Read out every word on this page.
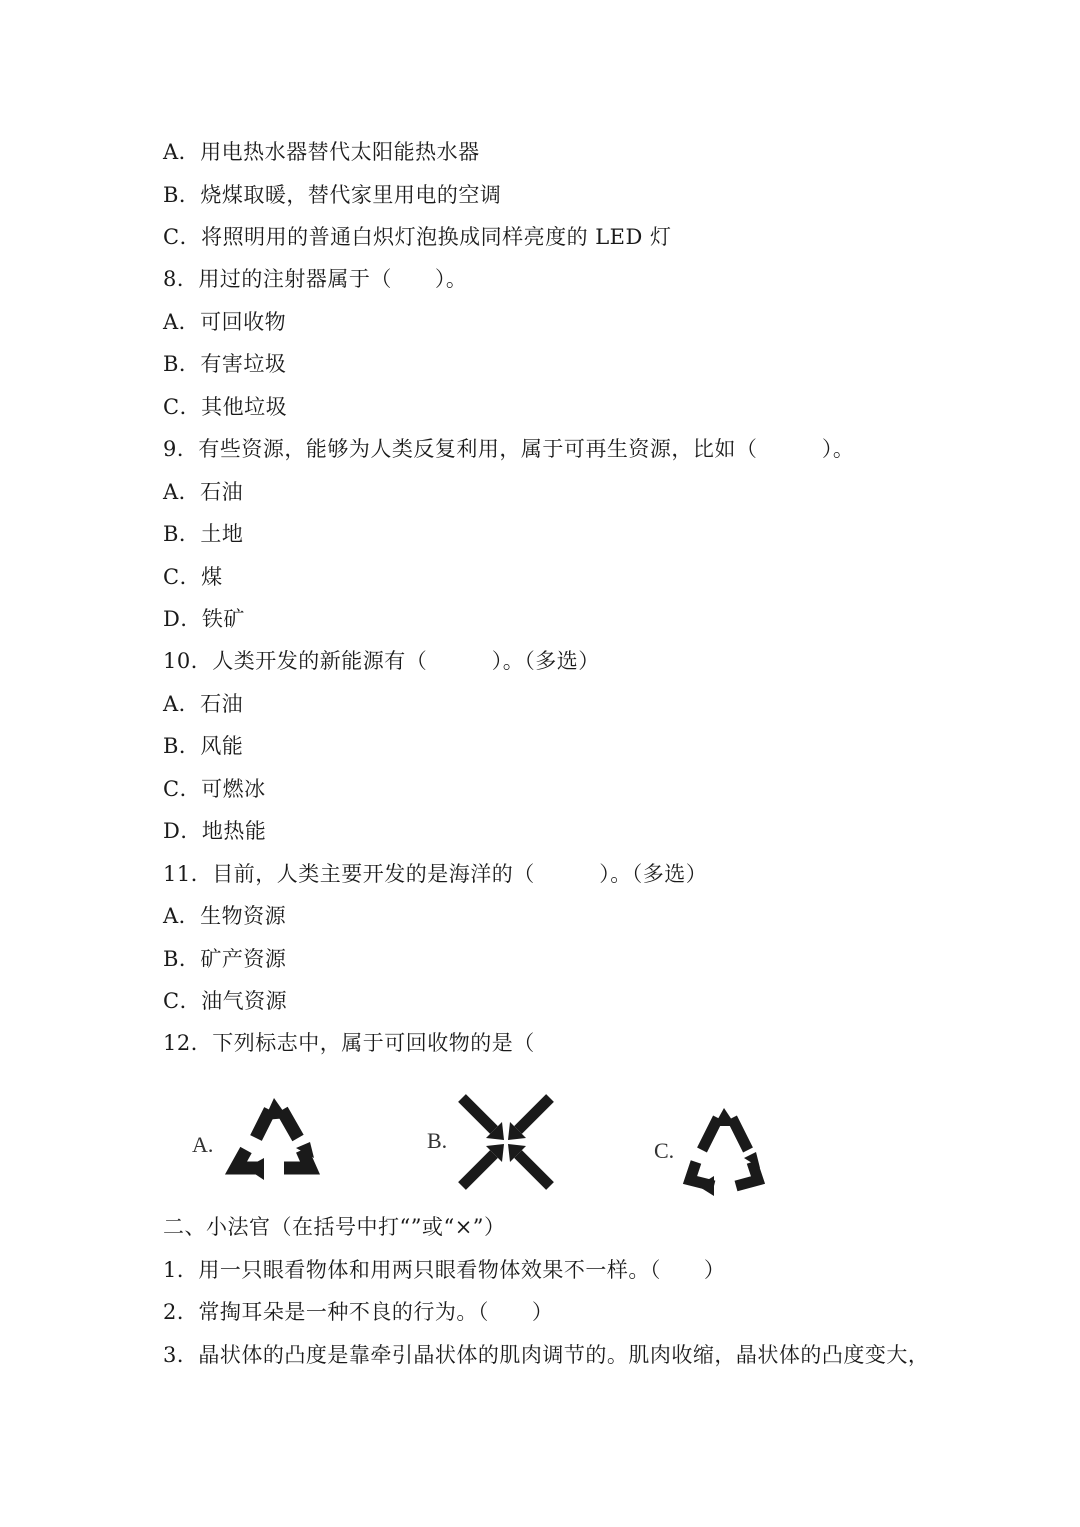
A．用电热水器替代太阳能热水器
B．烧煤取暖，替代家里用电的空调
C．将照明用的普通白炽灯泡换成同样亮度的 LED 灯
8．用过的注射器属于（　　）。
A．可回收物
B．有害垃圾
C．其他垃圾
9．有些资源，能够为人类反复利用，属于可再生资源，比如（　　　）。
A．石油
B．土地
C．煤
D．铁矿
10．人类开发的新能源有（　　　）。（多选）
A．石油
B．风能
C．可燃冰
D．地热能
11．目前，人类主要开发的是海洋的（　　　）。（多选）
A．生物资源
B．矿产资源
C．油气资源
12．下列标志中，属于可回收物的是（
A.	B.	C.
二、小法官（在括号中打“”或“×”）
1．用一只眼看物体和用两只眼看物体效果不一样。（　　）
2．常掏耳朵是一种不良的行为。（　　）
3．晶状体的凸度是靠牵引晶状体的肌肉调节的。肌肉收缩，晶状体的凸度变大，
